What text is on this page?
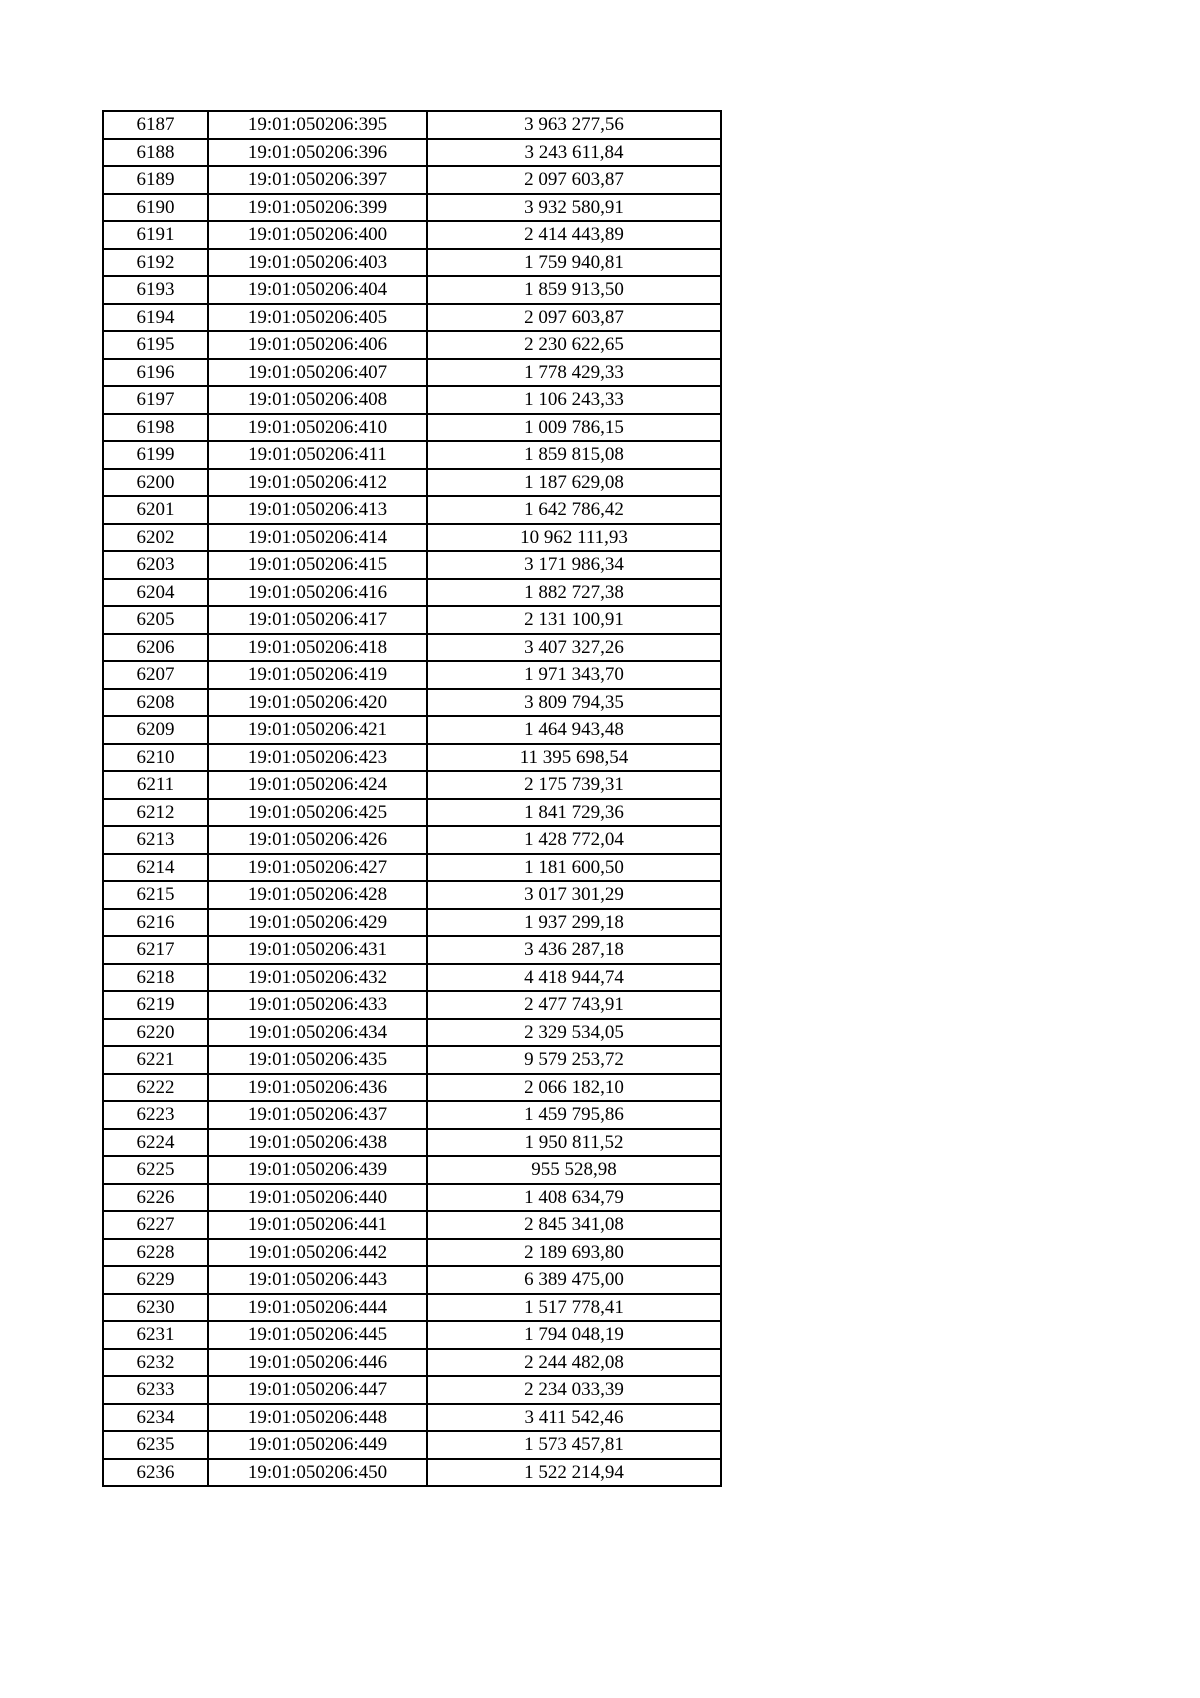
6187	19:01:050206:395	3 963 277,56
6188	19:01:050206:396	3 243 611,84
6189	19:01:050206:397	2 097 603,87
6190	19:01:050206:399	3 932 580,91
6191	19:01:050206:400	2 414 443,89
6192	19:01:050206:403	1 759 940,81
6193	19:01:050206:404	1 859 913,50
6194	19:01:050206:405	2 097 603,87
6195	19:01:050206:406	2 230 622,65
6196	19:01:050206:407	1 778 429,33
6197	19:01:050206:408	1 106 243,33
6198	19:01:050206:410	1 009 786,15
6199	19:01:050206:411	1 859 815,08
6200	19:01:050206:412	1 187 629,08
6201	19:01:050206:413	1 642 786,42
6202	19:01:050206:414	10 962 111,93
6203	19:01:050206:415	3 171 986,34
6204	19:01:050206:416	1 882 727,38
6205	19:01:050206:417	2 131 100,91
6206	19:01:050206:418	3 407 327,26
6207	19:01:050206:419	1 971 343,70
6208	19:01:050206:420	3 809 794,35
6209	19:01:050206:421	1 464 943,48
6210	19:01:050206:423	11 395 698,54
6211	19:01:050206:424	2 175 739,31
6212	19:01:050206:425	1 841 729,36
6213	19:01:050206:426	1 428 772,04
6214	19:01:050206:427	1 181 600,50
6215	19:01:050206:428	3 017 301,29
6216	19:01:050206:429	1 937 299,18
6217	19:01:050206:431	3 436 287,18
6218	19:01:050206:432	4 418 944,74
6219	19:01:050206:433	2 477 743,91
6220	19:01:050206:434	2 329 534,05
6221	19:01:050206:435	9 579 253,72
6222	19:01:050206:436	2 066 182,10
6223	19:01:050206:437	1 459 795,86
6224	19:01:050206:438	1 950 811,52
6225	19:01:050206:439	955 528,98
6226	19:01:050206:440	1 408 634,79
6227	19:01:050206:441	2 845 341,08
6228	19:01:050206:442	2 189 693,80
6229	19:01:050206:443	6 389 475,00
6230	19:01:050206:444	1 517 778,41
6231	19:01:050206:445	1 794 048,19
6232	19:01:050206:446	2 244 482,08
6233	19:01:050206:447	2 234 033,39
6234	19:01:050206:448	3 411 542,46
6235	19:01:050206:449	1 573 457,81
6236	19:01:050206:450	1 522 214,94
